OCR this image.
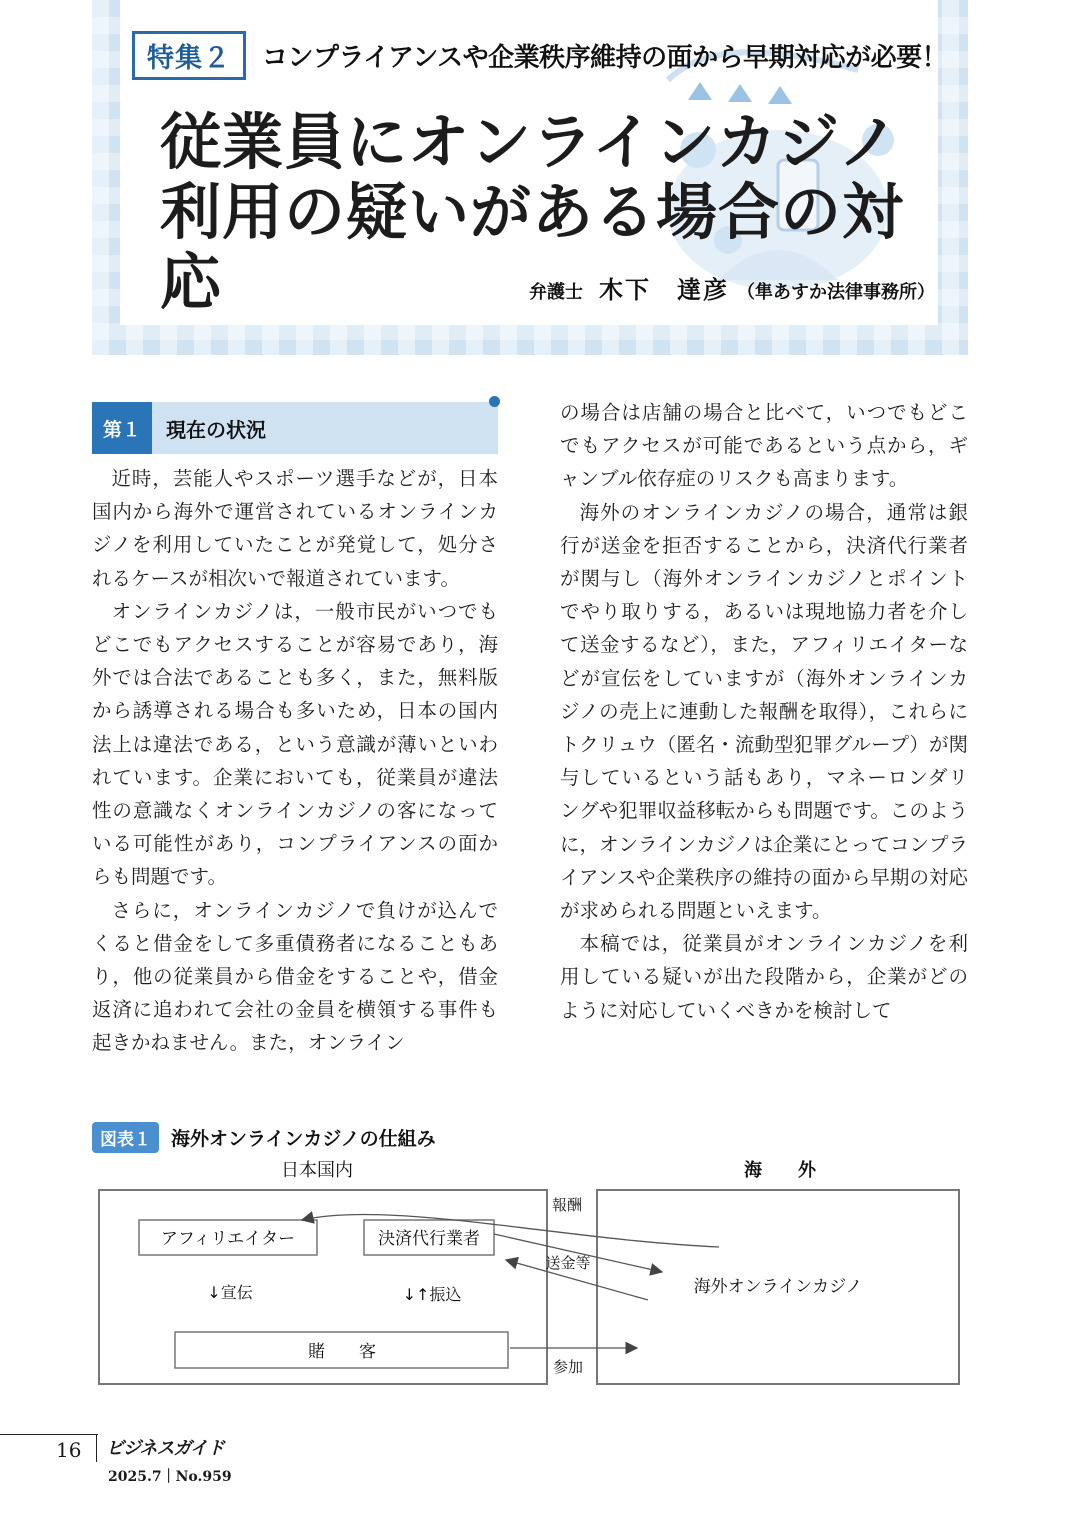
特集２	コンプライアンスや企業秩序維持の面から早期対応が必要！
従業員にオンラインカジノ
利用の疑いがある場合の対応	弁護士 木下　達彦 （隼あすか法律事務所）
第１	現在の状況

近時，芸能人やスポーツ選手などが，日本国内から海外で運営されているオンラインカジノを利用していたことが発覚して，処分されるケースが相次いで報道されています。

オンラインカジノは，一般市民がいつでもどこでもアクセスすることが容易であり，海外では合法であることも多く，また，無料版から誘導される場合も多いため，日本の国内法上は違法である，という意識が薄いといわれています。企業においても，従業員が違法性の意識なくオンラインカジノの客になっている可能性があり，コンプライアンスの面からも問題です。

さらに，オンラインカジノで負けが込んでくると借金をして多重債務者になることもあり，他の従業員から借金をすることや，借金返済に追われて会社の金員を横領する事件も起きかねません。また，オンライン

の場合は店舗の場合と比べて，いつでもどこでもアクセスが可能であるという点から，ギャンブル依存症のリスクも高まります。

海外のオンラインカジノの場合，通常は銀行が送金を拒否することから，決済代行業者が関与し（海外オンラインカジノとポイントでやり取りする，あるいは現地協力者を介して送金するなど），また，アフィリエイターなどが宣伝をしていますが（海外オンラインカジノの売上に連動した報酬を取得），これらにトクリュウ（匿名・流動型犯罪グループ）が関与しているという話もあり，マネーロンダリングや犯罪収益移転からも問題です。このように，オンラインカジノは企業にとってコンプライアンスや企業秩序の維持の面から早期の対応が求められる問題といえます。

本稿では，従業員がオンラインカジノを利用している疑いが出た段階から，企業がどのように対応していくべきかを検討して

図表１	海外オンラインカジノの仕組み
日本国内	海　　外
アフィリエイター	決済代行業者
↓宣伝	↓↑振込
賭　　客
海外オンラインカジノ
報酬
送金等
参加
16 ビジネスガイド
2025.7｜No.959
